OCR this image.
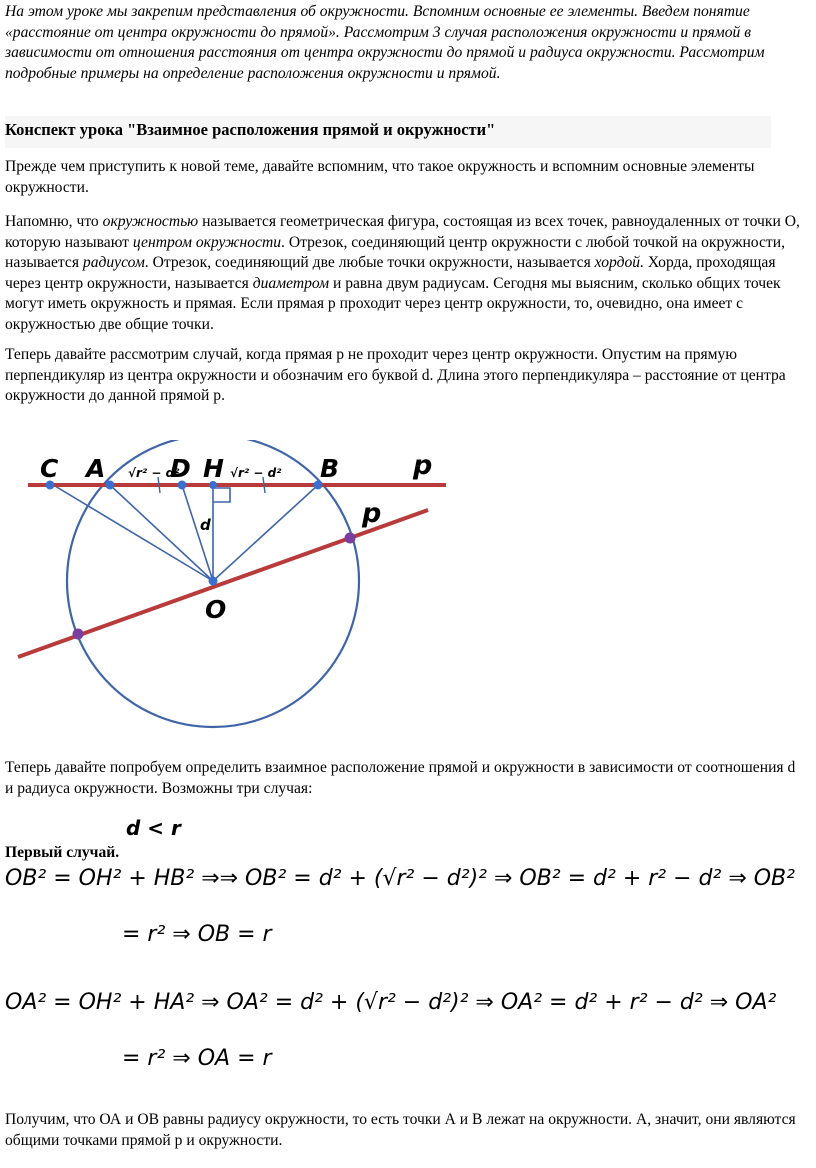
На этом уроке мы закрепим представления об окружности. Вспомним основные ее элементы. Введем понятие «расстояние от центра окружности до прямой». Рассмотрим 3 случая расположения окружности и прямой в зависимости от отношения расстояния от центра окружности до прямой и радиуса окружности. Рассмотрим подробные примеры на определение расположения окружности и прямой.

Конспект урока "Взаимное расположения прямой и окружности"

Прежде чем приступить к новой теме, давайте вспомним, что такое окружность и вспомним основные элементы окружности.

Напомню, что окружностью называется геометрическая фигура, состоящая из всех точек, равноудаленных от точки О, которую называют центром окружности. Отрезок, соединяющий центр окружности с любой точкой на окружности, называется радиусом. Отрезок, соединяющий две любые точки окружности, называется хордой. Хорда, проходящая через центр окружности, называется диаметром и равна двум радиусам. Сегодня мы выясним, сколько общих точек могут иметь окружность и прямая. Если прямая р проходит через центр окружности, то, очевидно, она имеет с окружностью две общие точки.

Теперь давайте рассмотрим случай, когда прямая р не проходит через центр окружности. Опустим на прямую перпендикуляр из центра окружности и обозначим его буквой d. Длина этого перпендикуляра – расстояние от центра окружности до данной прямой р.

C A	D H	B	p
p
O
d
√r² − d²	√r² − d²

Теперь давайте попробуем определить взаимное расположение прямой и окружности в зависимости от соотношения d и радиуса окружности. Возможны три случая:

d < r
Первый случай.
OB² = OH² + HB² ⇒⇒ OB² = d² + (√r² − d²)² ⇒ OB² = d² + r² − d² ⇒ OB²
= r² ⇒ OB = r
OA² = OH² + HA² ⇒ OA² = d² + (√r² − d²)² ⇒ OA² = d² + r² − d² ⇒ OA²
= r² ⇒ OA = r

Получим, что ОА и ОВ равны радиусу окружности, то есть точки А и В лежат на окружности. А, значит, они являются общими точками прямой р и окружности.
